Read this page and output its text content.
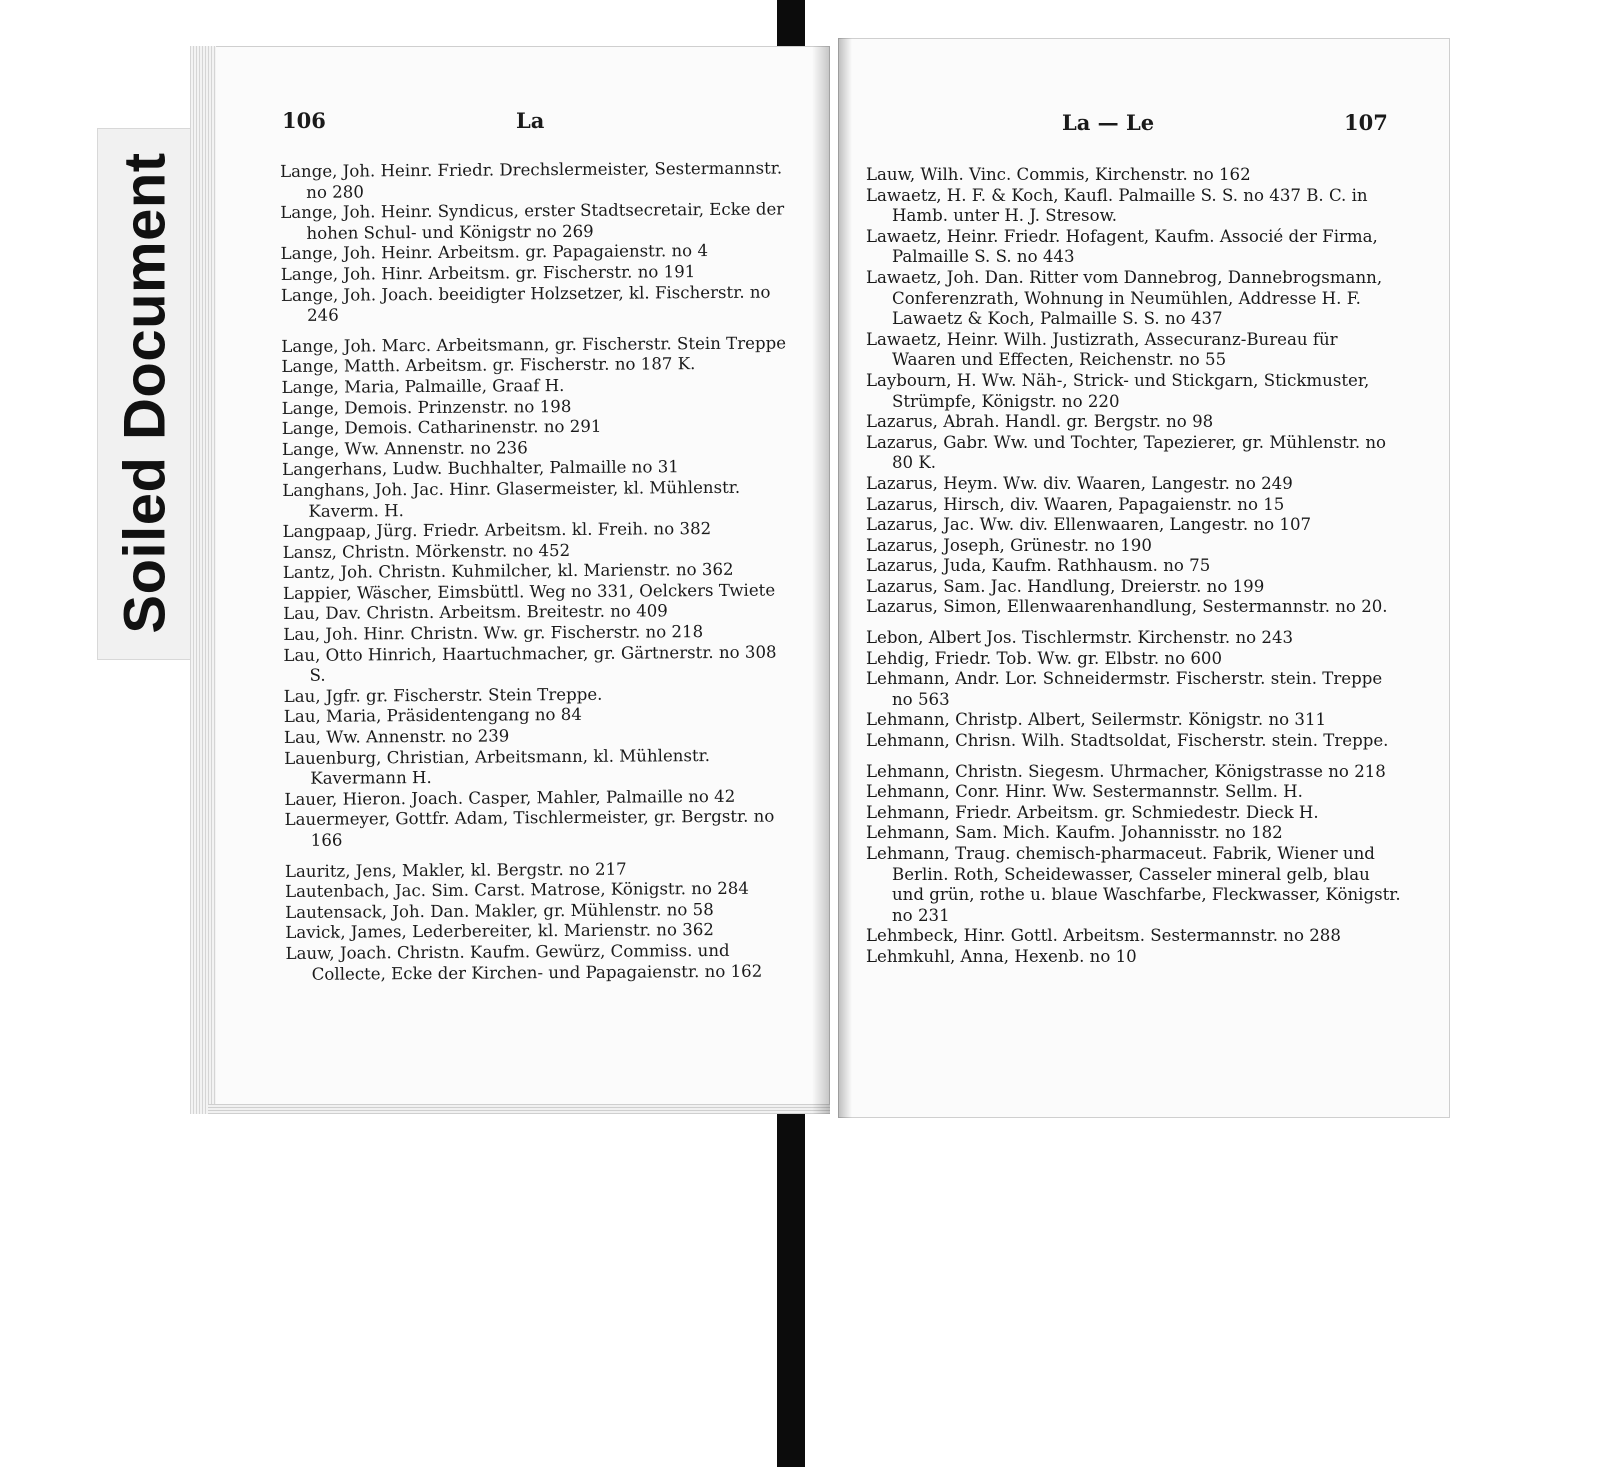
Soiled Document
106	La
Lange, Joh. Heinr. Friedr. Drechslermeister, Sestermannstr. no 280
Lange, Joh. Heinr. Syndicus, erster Stadtsecretair, Ecke der hohen Schul- und Königstr no 269
Lange, Joh. Heinr. Arbeitsm. gr. Papagaienstr. no 4
Lange, Joh. Hinr. Arbeitsm. gr. Fischerstr. no 191
Lange, Joh. Joach. beeidigter Holzsetzer, kl. Fischerstr. no 246
Lange, Joh. Marc. Arbeitsmann, gr. Fischerstr. Stein Treppe
Lange, Matth. Arbeitsm. gr. Fischerstr. no 187 K.
Lange, Maria, Palmaille, Graaf H.
Lange, Demois. Prinzenstr. no 198
Lange, Demois. Catharinenstr. no 291
Lange, Ww. Annenstr. no 236
Langerhans, Ludw. Buchhalter, Palmaille no 31
Langhans, Joh. Jac. Hinr. Glasermeister, kl. Mühlenstr. Kaverm. H.
Langpaap, Jürg. Friedr. Arbeitsm. kl. Freih. no 382
Lansz, Christn. Mörkenstr. no 452
Lantz, Joh. Christn. Kuhmilcher, kl. Marienstr. no 362
Lappier, Wäscher, Eimsbüttl. Weg no 331, Oelckers Twiete
Lau, Dav. Christn. Arbeitsm. Breitestr. no 409
Lau, Joh. Hinr. Christn. Ww. gr. Fischerstr. no 218
Lau, Otto Hinrich, Haartuchmacher, gr. Gärtnerstr. no 308 S.
Lau, Jgfr. gr. Fischerstr. Stein Treppe.
Lau, Maria, Präsidentengang no 84
Lau, Ww. Annenstr. no 239
Lauenburg, Christian, Arbeitsmann, kl. Mühlenstr. Kavermann H.
Lauer, Hieron. Joach. Casper, Mahler, Palmaille no 42
Lauermeyer, Gottfr. Adam, Tischlermeister, gr. Bergstr. no 166
Lauritz, Jens, Makler, kl. Bergstr. no 217
Lautenbach, Jac. Sim. Carst. Matrose, Königstr. no 284
Lautensack, Joh. Dan. Makler, gr. Mühlenstr. no 58
Lavick, James, Lederbereiter, kl. Marienstr. no 362
Lauw, Joach. Christn. Kaufm. Gewürz, Commiss. und Collecte, Ecke der Kirchen- und Papagaienstr. no 162
La — Le	107
Lauw, Wilh. Vinc. Commis, Kirchenstr. no 162
Lawaetz, H. F. & Koch, Kaufl. Palmaille S. S. no 437 B. C. in Hamb. unter H. J. Stresow.
Lawaetz, Heinr. Friedr. Hofagent, Kaufm. Associé der Firma, Palmaille S. S. no 443
Lawaetz, Joh. Dan. Ritter vom Dannebrog, Dannebrogsmann, Conferenzrath, Wohnung in Neumühlen, Addresse H. F. Lawaetz & Koch, Palmaille S. S. no 437
Lawaetz, Heinr. Wilh. Justizrath, Assecuranz-Bureau für Waaren und Effecten, Reichenstr. no 55
Laybourn, H. Ww. Näh-, Strick- und Stickgarn, Stickmuster, Strümpfe, Königstr. no 220
Lazarus, Abrah. Handl. gr. Bergstr. no 98
Lazarus, Gabr. Ww. und Tochter, Tapezierer, gr. Mühlenstr. no 80 K.
Lazarus, Heym. Ww. div. Waaren, Langestr. no 249
Lazarus, Hirsch, div. Waaren, Papagaienstr. no 15
Lazarus, Jac. Ww. div. Ellenwaaren, Langestr. no 107
Lazarus, Joseph, Grünestr. no 190
Lazarus, Juda, Kaufm. Rathhausm. no 75
Lazarus, Sam. Jac. Handlung, Dreierstr. no 199
Lazarus, Simon, Ellenwaarenhandlung, Sestermannstr. no 20.
Lebon, Albert Jos. Tischlermstr. Kirchenstr. no 243
Lehdig, Friedr. Tob. Ww. gr. Elbstr. no 600
Lehmann, Andr. Lor. Schneidermstr. Fischerstr. stein. Treppe no 563
Lehmann, Christp. Albert, Seilermstr. Königstr. no 311
Lehmann, Chrisn. Wilh. Stadtsoldat, Fischerstr. stein. Treppe.
Lehmann, Christn. Siegesm. Uhrmacher, Königstrasse no 218
Lehmann, Conr. Hinr. Ww. Sestermannstr. Sellm. H.
Lehmann, Friedr. Arbeitsm. gr. Schmiedestr. Dieck H.
Lehmann, Sam. Mich. Kaufm. Johannisstr. no 182
Lehmann, Traug. chemisch-pharmaceut. Fabrik, Wiener und Berlin. Roth, Scheidewasser, Casseler mineral gelb, blau und grün, rothe u. blaue Waschfarbe, Fleckwasser, Königstr. no 231
Lehmbeck, Hinr. Gottl. Arbeitsm. Sestermannstr. no 288
Lehmkuhl, Anna, Hexenb. no 10
